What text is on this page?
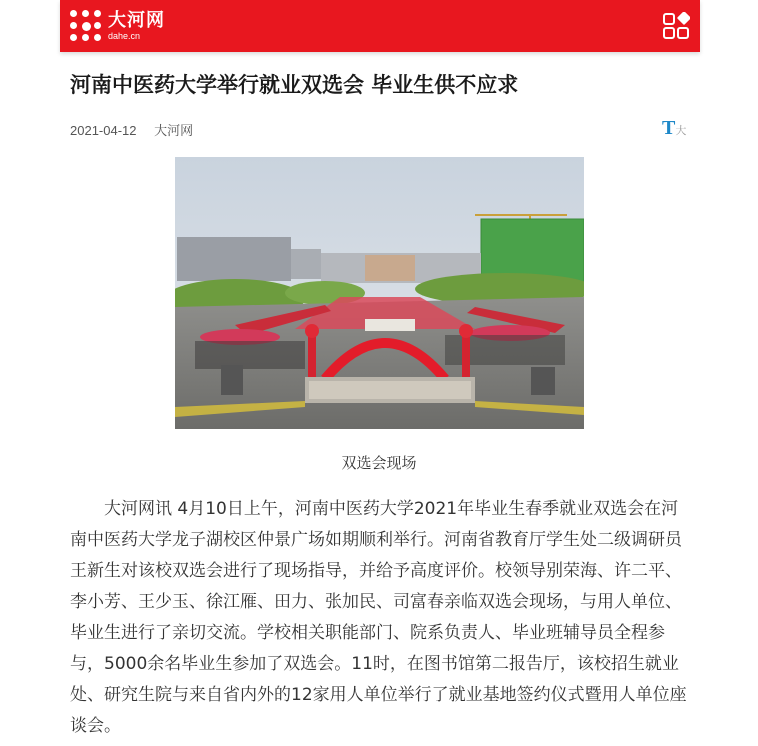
大河网
dahe.cn
河南中医药大学举行就业双选会 毕业生供不应求
2021-04-12 大河网	T大
双选会现场

大河网讯 4月10日上午，河南中医药大学2021年毕业生春季就业双选会在河南中医药大学龙子湖校区仲景广场如期顺利举行。河南省教育厅学生处二级调研员王新生对该校双选会进行了现场指导，并给予高度评价。校领导别荣海、许二平、李小芳、王少玉、徐江雁、田力、张加民、司富春亲临双选会现场，与用人单位、毕业生进行了亲切交流。学校相关职能部门、院系负责人、毕业班辅导员全程参与，5000余名毕业生参加了双选会。11时，在图书馆第二报告厅，该校招生就业处、研究生院与来自省内外的12家用人单位举行了就业基地签约仪式暨用人单位座谈会。
